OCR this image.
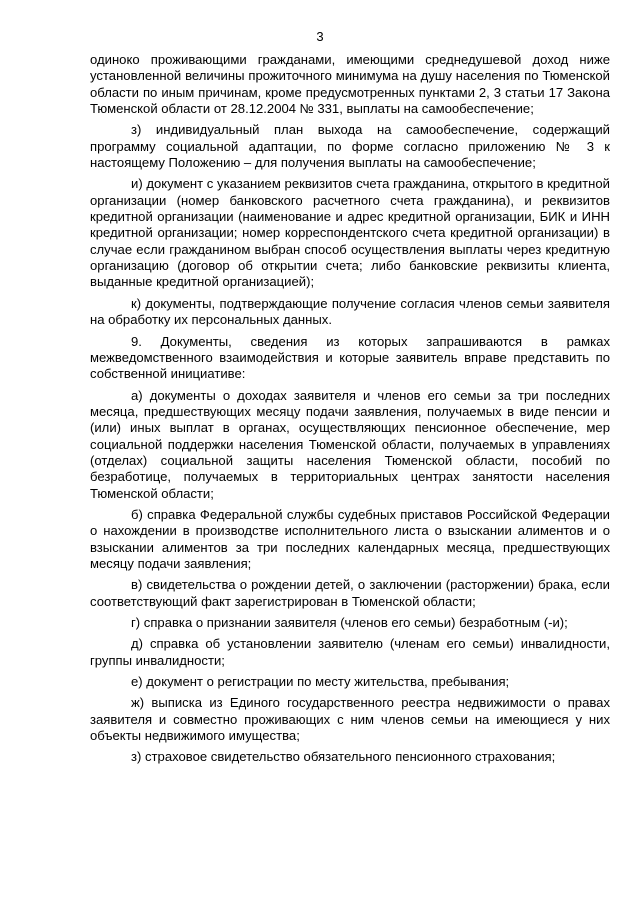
3

одиноко проживающими гражданами, имеющими среднедушевой доход ниже установленной величины прожиточного минимума на душу населения по Тюменской области по иным причинам, кроме предусмотренных пунктами 2, 3 статьи 17 Закона Тюменской области от 28.12.2004 № 331, выплаты на самообеспечение;

з) индивидуальный план выхода на самообеспечение, содержащий программу социальной адаптации, по форме согласно приложению № 3 к настоящему Положению – для получения выплаты на самообеспечение;

и) документ с указанием реквизитов счета гражданина, открытого в кредитной организации (номер банковского расчетного счета гражданина), и реквизитов кредитной организации (наименование и адрес кредитной организации, БИК и ИНН кредитной организации; номер корреспондентского счета кредитной организации) в случае если гражданином выбран способ осуществления выплаты через кредитную организацию (договор об открытии счета; либо банковские реквизиты клиента, выданные кредитной организацией);

к) документы, подтверждающие получение согласия членов семьи заявителя на обработку их персональных данных.

9. Документы, сведения из которых запрашиваются в рамках межведомственного взаимодействия и которые заявитель вправе представить по собственной инициативе:

а) документы о доходах заявителя и членов его семьи за три последних месяца, предшествующих месяцу подачи заявления, получаемых в виде пенсии и (или) иных выплат в органах, осуществляющих пенсионное обеспечение, мер социальной поддержки населения Тюменской области, получаемых в управлениях (отделах) социальной защиты населения Тюменской области, пособий по безработице, получаемых в территориальных центрах занятости населения Тюменской области;

б) справка Федеральной службы судебных приставов Российской Федерации о нахождении в производстве исполнительного листа о взыскании алиментов и о взыскании алиментов за три последних календарных месяца, предшествующих месяцу подачи заявления;

в) свидетельства о рождении детей, о заключении (расторжении) брака, если соответствующий факт зарегистрирован в Тюменской области;

г) справка о признании заявителя (членов его семьи) безработным (-и);

д) справка об установлении заявителю (членам его семьи) инвалидности, группы инвалидности;

е) документ о регистрации по месту жительства, пребывания;

ж) выписка из Единого государственного реестра недвижимости о правах заявителя и совместно проживающих с ним членов семьи на имеющиеся у них объекты недвижимого имущества;

з) страховое свидетельство обязательного пенсионного страхования;
